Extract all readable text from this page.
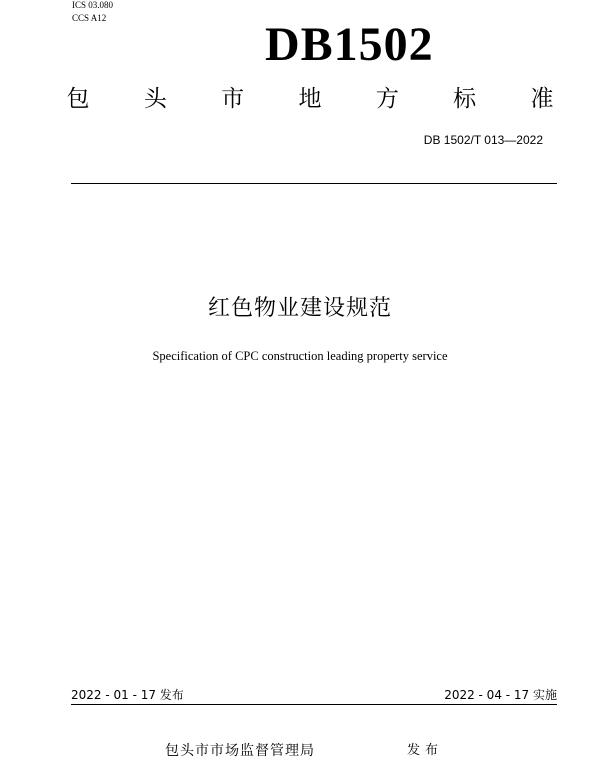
ICS 03.080
CCS A12	DB1502
包 头 市 地 方 标 准
DB 1502/T 013—2022
红色物业建设规范
Specification of CPC construction leading property service
2022 - 01 - 17 发布	2022 - 04 - 17 实施
包头市市场监督管理局	发布
